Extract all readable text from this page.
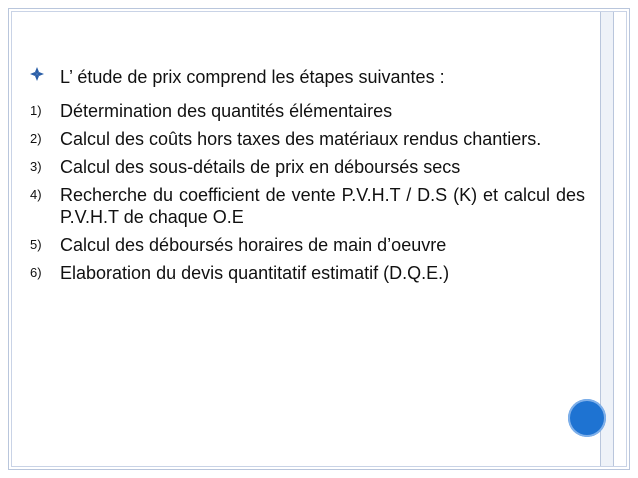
L’ étude de prix comprend les étapes suivantes :
1)	Détermination des quantités élémentaires
2)	Calcul des coûts hors taxes des matériaux rendus chantiers.
3)	Calcul des sous-détails de prix en déboursés secs
4)	Recherche du coefficient de vente P.V.H.T / D.S (K) et calcul des P.V.H.T de chaque O.E
5)	Calcul des déboursés horaires de main d’oeuvre
6)	Elaboration du devis quantitatif estimatif (D.Q.E.)
